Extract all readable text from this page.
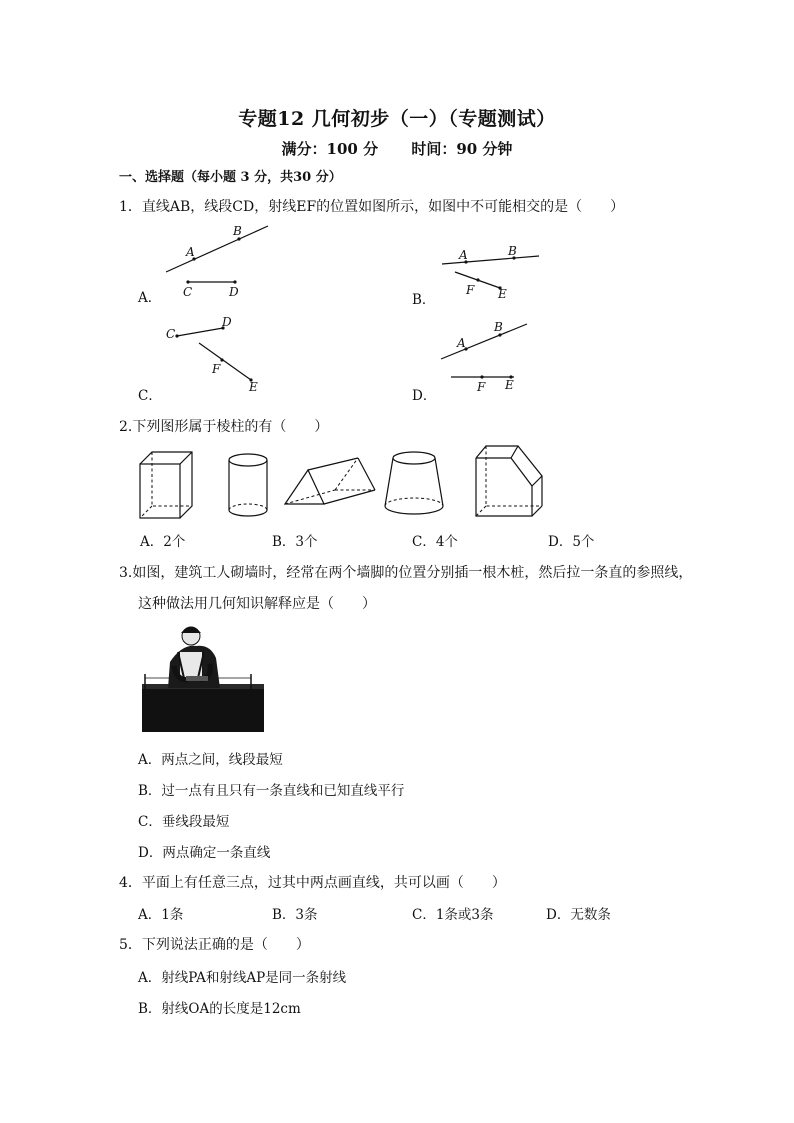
专题12 几何初步（一）（专题测试）
满分：100 分 时间：90 分钟
一、选择题（每小题 3 分，共30 分）
1．直线AB，线段CD，射线EF的位置如图所示，如图中不可能相交的是（　　）
A．
A
B
C	D	B．
A	B
F E
C．
C
D
F
E
D．
A
B
F E
2.下列图形属于棱柱的有（　　）
A．2个	B．3个	C．4个	D．5个
3.如图，建筑工人砌墙时，经常在两个墙脚的位置分别插一根木桩，然后拉一条直的参照线，
这种做法用几何知识解释应是（　　）
A．两点之间，线段最短
B．过一点有且只有一条直线和已知直线平行
C．垂线段最短
D．两点确定一条直线
4．平面上有任意三点，过其中两点画直线，共可以画（　　）
A．1条	B．3条	C．1条或3条	D．无数条
5．下列说法正确的是（　　）
A．射线PA和射线AP是同一条射线
B．射线OA的长度是12cm
